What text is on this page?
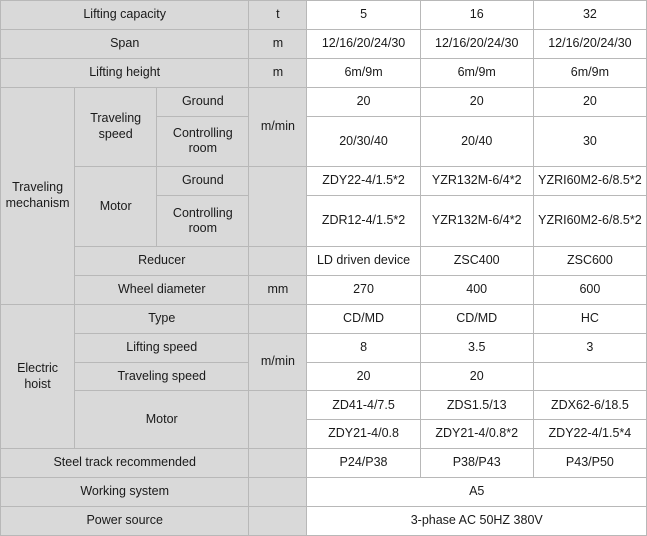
Lifting capacity			t	5	16	32
Span			m	12/16/20/24/30	12/16/20/24/30	12/16/20/24/30
Lifting height			m	6m/9m	6m/9m	6m/9m
Traveling mechanism	Traveling speed	Ground	m/min	20	20	20
		Controlling room		20/30/40	20/40	30
	Motor	Ground		ZDY22-4/1.5*2	YZR132M-6/4*2	YZRI60M2-6/8.5*2
		Controlling room		ZDR12-4/1.5*2	YZR132M-6/4*2	YZRI60M2-6/8.5*2
	Reducer			LD driven device	ZSC400	ZSC600
	Wheel diameter		mm	270	400	600
Electric hoist	Type			CD/MD	CD/MD	HC
	Lifting speed		m/min	8	3.5	3
	Traveling speed			20	20	
	Motor			ZD41-4/7.5	ZDS1.5/13	ZDX62-6/18.5
				ZDY21-4/0.8	ZDY21-4/0.8*2	ZDY22-4/1.5*4
Steel track recommended				P24/P38	P38/P43	P43/P50
Working system				A5		
Power source				3-phase AC 50HZ 380V		
